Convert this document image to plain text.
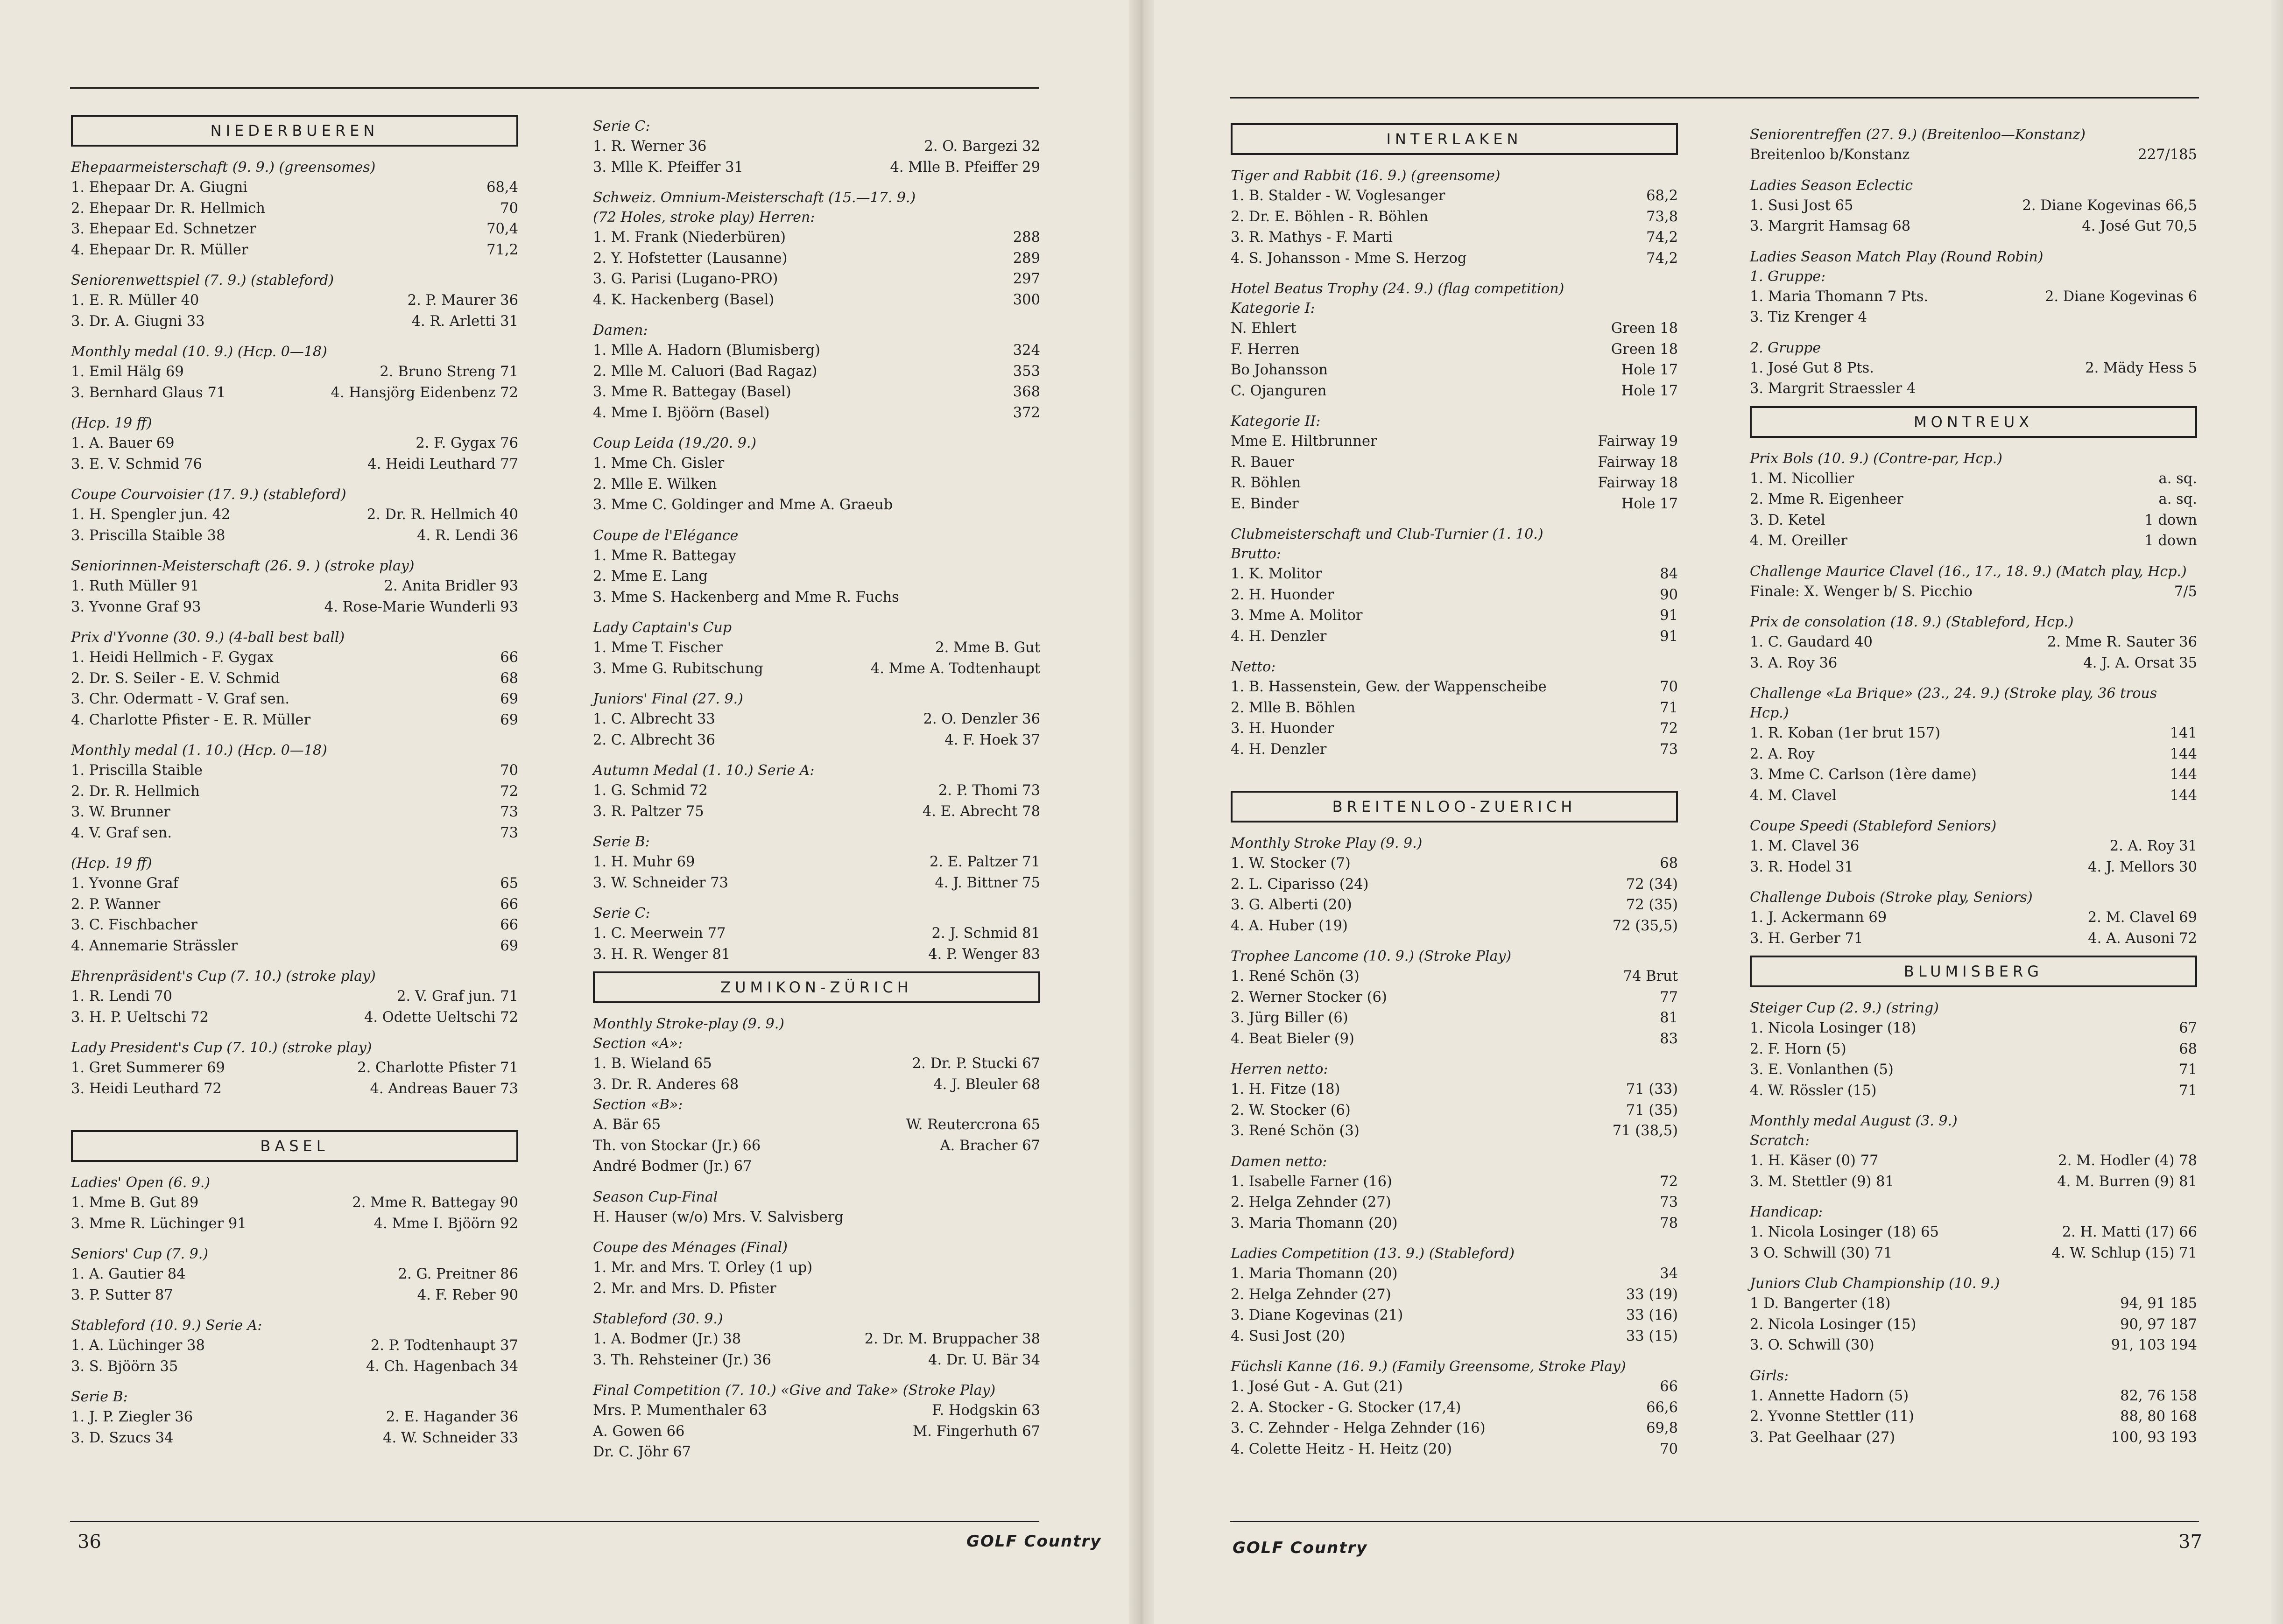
NIEDERBUEREN
Ehepaarmeisterschaft (9. 9.) (greensomes)
1. Ehepaar Dr. A. Giugni	68,4
2. Ehepaar Dr. R. Hellmich	70
3. Ehepaar Ed. Schnetzer	70,4
4. Ehepaar Dr. R. Müller	71,2
Seniorenwettspiel (7. 9.) (stableford)
1. E. R. Müller 40	2. P. Maurer 36
3. Dr. A. Giugni 33	4. R. Arletti 31
Monthly medal (10. 9.) (Hcp. 0—18)
1. Emil Hälg 69	2. Bruno Streng 71
3. Bernhard Glaus 71	4. Hansjörg Eidenbenz 72
(Hcp. 19 ff)
1. A. Bauer 69	2. F. Gygax 76
3. E. V. Schmid 76	4. Heidi Leuthard 77
Coupe Courvoisier (17. 9.) (stableford)
1. H. Spengler jun. 42	2. Dr. R. Hellmich 40
3. Priscilla Staible 38	4. R. Lendi 36
Seniorinnen-Meisterschaft (26. 9. ) (stroke play)
1. Ruth Müller 91	2. Anita Bridler 93
3. Yvonne Graf 93	4. Rose-Marie Wunderli 93
Prix d'Yvonne (30. 9.) (4-ball best ball)
1. Heidi Hellmich - F. Gygax	66
2. Dr. S. Seiler - E. V. Schmid	68
3. Chr. Odermatt - V. Graf sen.	69
4. Charlotte Pfister - E. R. Müller	69
Monthly medal (1. 10.) (Hcp. 0—18)
1. Priscilla Staible	70
2. Dr. R. Hellmich	72
3. W. Brunner	73
4. V. Graf sen.	73
(Hcp. 19 ff)
1. Yvonne Graf	65
2. P. Wanner	66
3. C. Fischbacher	66
4. Annemarie Strässler	69
Ehrenpräsident's Cup (7. 10.) (stroke play)
1. R. Lendi 70	2. V. Graf jun. 71
3. H. P. Ueltschi 72	4. Odette Ueltschi 72
Lady President's Cup (7. 10.) (stroke play)
1. Gret Summerer 69	2. Charlotte Pfister 71
3. Heidi Leuthard 72	4. Andreas Bauer 73
BASEL
Ladies' Open (6. 9.)
1. Mme B. Gut 89	2. Mme R. Battegay 90
3. Mme R. Lüchinger 91	4. Mme I. Bjöörn 92
Seniors' Cup (7. 9.)
1. A. Gautier 84	2. G. Preitner 86
3. P. Sutter 87	4. F. Reber 90
Stableford (10. 9.) Serie A:
1. A. Lüchinger 38	2. P. Todtenhaupt 37
3. S. Bjöörn 35	4. Ch. Hagenbach 34
Serie B:
1. J. P. Ziegler 36	2. E. Hagander 36
3. D. Szucs 34	4. W. Schneider 33
Serie C:
1. R. Werner 36	2. O. Bargezi 32
3. Mlle K. Pfeiffer 31	4. Mlle B. Pfeiffer 29
Schweiz. Omnium-Meisterschaft (15.—17. 9.)
(72 Holes, stroke play) Herren:
1. M. Frank (Niederbüren)	288
2. Y. Hofstetter (Lausanne)	289
3. G. Parisi (Lugano-PRO)	297
4. K. Hackenberg (Basel)	300
Damen:
1. Mlle A. Hadorn (Blumisberg)	324
2. Mlle M. Caluori (Bad Ragaz)	353
3. Mme R. Battegay (Basel)	368
4. Mme I. Bjöörn (Basel)	372
Coup Leida (19./20. 9.)
1. Mme Ch. Gisler
2. Mlle E. Wilken
3. Mme C. Goldinger and Mme A. Graeub
Coupe de l'Elégance
1. Mme R. Battegay
2. Mme E. Lang
3. Mme S. Hackenberg and Mme R. Fuchs
Lady Captain's Cup
1. Mme T. Fischer	2. Mme B. Gut
3. Mme G. Rubitschung	4. Mme A. Todtenhaupt
Juniors' Final (27. 9.)
1. C. Albrecht 33	2. O. Denzler 36
2. C. Albrecht 36	4. F. Hoek 37
Autumn Medal (1. 10.) Serie A:
1. G. Schmid 72	2. P. Thomi 73
3. R. Paltzer 75	4. E. Abrecht 78
Serie B:
1. H. Muhr 69	2. E. Paltzer 71
3. W. Schneider 73	4. J. Bittner 75
Serie C:
1. C. Meerwein 77	2. J. Schmid 81
3. H. R. Wenger 81	4. P. Wenger 83
ZUMIKON-ZÜRICH
Monthly Stroke-play (9. 9.)
Section «A»:
1. B. Wieland 65	2. Dr. P. Stucki 67
3. Dr. R. Anderes 68	4. J. Bleuler 68
Section «B»:
A. Bär 65	W. Reutercrona 65
Th. von Stockar (Jr.) 66	A. Bracher 67
André Bodmer (Jr.) 67
Season Cup-Final
H. Hauser (w/o) Mrs. V. Salvisberg
Coupe des Ménages (Final)
1. Mr. and Mrs. T. Orley (1 up)
2. Mr. and Mrs. D. Pfister
Stableford (30. 9.)
1. A. Bodmer (Jr.) 38	2. Dr. M. Bruppacher 38
3. Th. Rehsteiner (Jr.) 36	4. Dr. U. Bär 34
Final Competition (7. 10.) «Give and Take» (Stroke Play)
Mrs. P. Mumenthaler 63	F. Hodgskin 63
A. Gowen 66	M. Fingerhuth 67
Dr. C. Jöhr 67
INTERLAKEN
Tiger and Rabbit (16. 9.) (greensome)
1. B. Stalder - W. Voglesanger	68,2
2. Dr. E. Böhlen - R. Böhlen	73,8
3. R. Mathys - F. Marti	74,2
4. S. Johansson - Mme S. Herzog	74,2
Hotel Beatus Trophy (24. 9.) (flag competition)
Kategorie I:
N. Ehlert	Green 18
F. Herren	Green 18
Bo Johansson	Hole 17
C. Ojanguren	Hole 17
Kategorie II:
Mme E. Hiltbrunner	Fairway 19
R. Bauer	Fairway 18
R. Böhlen	Fairway 18
E. Binder	Hole 17
Clubmeisterschaft und Club-Turnier (1. 10.)
Brutto:
1. K. Molitor	84
2. H. Huonder	90
3. Mme A. Molitor	91
4. H. Denzler	91
Netto:
1. B. Hassenstein, Gew. der Wappenscheibe	70
2. Mlle B. Böhlen	71
3. H. Huonder	72
4. H. Denzler	73
BREITENLOO-ZUERICH
Monthly Stroke Play (9. 9.)
1. W. Stocker (7)	68
2. L. Ciparisso (24)	72 (34)
3. G. Alberti (20)	72 (35)
4. A. Huber (19)	72 (35,5)
Trophee Lancome (10. 9.) (Stroke Play)
1. René Schön (3)	74 Brut
2. Werner Stocker (6)	77
3. Jürg Biller (6)	81
4. Beat Bieler (9)	83
Herren netto:
1. H. Fitze (18)	71 (33)
2. W. Stocker (6)	71 (35)
3. René Schön (3)	71 (38,5)
Damen netto:
1. Isabelle Farner (16)	72
2. Helga Zehnder (27)	73
3. Maria Thomann (20)	78
Ladies Competition (13. 9.) (Stableford)
1. Maria Thomann (20)	34
2. Helga Zehnder (27)	33 (19)
3. Diane Kogevinas (21)	33 (16)
4. Susi Jost (20)	33 (15)
Füchsli Kanne (16. 9.) (Family Greensome, Stroke Play)
1. José Gut - A. Gut (21)	66
2. A. Stocker - G. Stocker (17,4)	66,6
3. C. Zehnder - Helga Zehnder (16)	69,8
4. Colette Heitz - H. Heitz (20)	70
Seniorentreffen (27. 9.) (Breitenloo—Konstanz)
Breitenloo b/Konstanz	227/185
Ladies Season Eclectic
1. Susi Jost 65	2. Diane Kogevinas 66,5
3. Margrit Hamsag 68	4. José Gut 70,5
Ladies Season Match Play (Round Robin)
1. Gruppe:
1. Maria Thomann 7 Pts.	2. Diane Kogevinas 6
3. Tiz Krenger 4
2. Gruppe
1. José Gut 8 Pts.	2. Mädy Hess 5
3. Margrit Straessler 4
MONTREUX
Prix Bols (10. 9.) (Contre-par, Hcp.)
1. M. Nicollier	a. sq.
2. Mme R. Eigenheer	a. sq.
3. D. Ketel	1 down
4. M. Oreiller	1 down
Challenge Maurice Clavel (16., 17., 18. 9.) (Match play, Hcp.)
Finale: X. Wenger b/ S. Picchio	7/5
Prix de consolation (18. 9.) (Stableford, Hcp.)
1. C. Gaudard 40	2. Mme R. Sauter 36
3. A. Roy 36	4. J. A. Orsat 35
Challenge «La Brique» (23., 24. 9.) (Stroke play, 36 trous
Hcp.)
1. R. Koban (1er brut 157)	141
2. A. Roy	144
3. Mme C. Carlson (1ère dame)	144
4. M. Clavel	144
Coupe Speedi (Stableford Seniors)
1. M. Clavel 36	2. A. Roy 31
3. R. Hodel 31	4. J. Mellors 30
Challenge Dubois (Stroke play, Seniors)
1. J. Ackermann 69	2. M. Clavel 69
3. H. Gerber 71	4. A. Ausoni 72
BLUMISBERG
Steiger Cup (2. 9.) (string)
1. Nicola Losinger (18)	67
2. F. Horn (5)	68
3. E. Vonlanthen (5)	71
4. W. Rössler (15)	71
Monthly medal August (3. 9.)
Scratch:
1. H. Käser (0) 77	2. M. Hodler (4) 78
3. M. Stettler (9) 81	4. M. Burren (9) 81
Handicap:
1. Nicola Losinger (18) 65	2. H. Matti (17) 66
3 O. Schwill (30) 71	4. W. Schlup (15) 71
Juniors Club Championship (10. 9.)
1 D. Bangerter (18)	94, 91 185
2. Nicola Losinger (15)	90, 97 187
3. O. Schwill (30)	91, 103 194
Girls:
1. Annette Hadorn (5)	82, 76 158
2. Yvonne Stettler (11)	88, 80 168
3. Pat Geelhaar (27)	100, 93 193
36	GOLF Country	GOLF Country	37
